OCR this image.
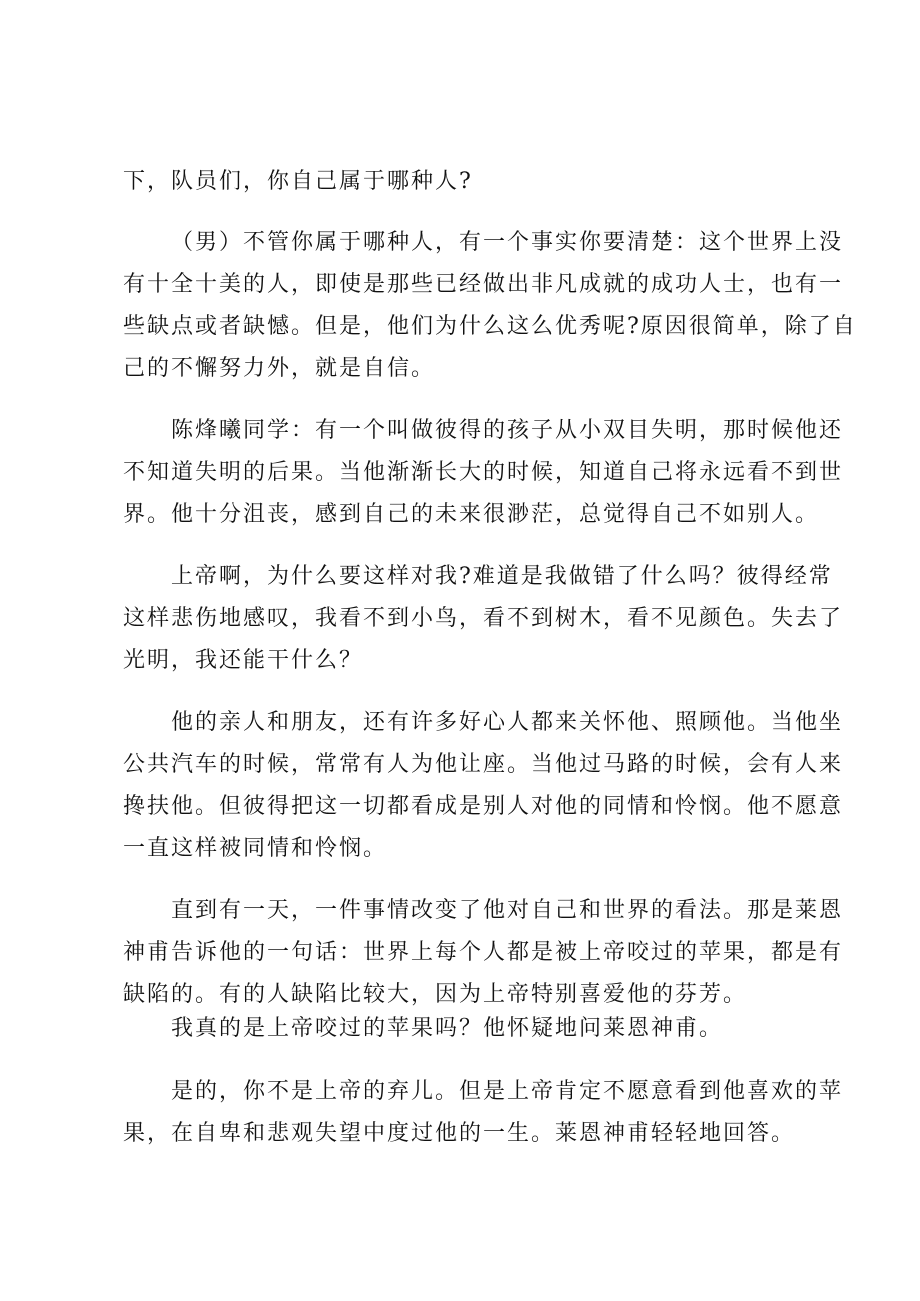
下，队员们，你自己属于哪种人?
（男）不管你属于哪种人，有一个事实你要清楚：这个世界上没
有十全十美的人，即使是那些已经做出非凡成就的成功人士，也有一
些缺点或者缺憾。但是，他们为什么这么优秀呢?原因很简单，除了自
己的不懈努力外，就是自信。
陈烽曦同学：有一个叫做彼得的孩子从小双目失明，那时候他还
不知道失明的后果。当他渐渐长大的时候，知道自己将永远看不到世
界。他十分沮丧，感到自己的未来很渺茫，总觉得自己不如别人。
上帝啊，为什么要这样对我?难道是我做错了什么吗？彼得经常
这样悲伤地感叹，我看不到小鸟，看不到树木，看不见颜色。失去了
光明，我还能干什么？
他的亲人和朋友，还有许多好心人都来关怀他、照顾他。当他坐
公共汽车的时候，常常有人为他让座。当他过马路的时候，会有人来
搀扶他。但彼得把这一切都看成是别人对他的同情和怜悯。他不愿意
一直这样被同情和怜悯。
直到有一天，一件事情改变了他对自己和世界的看法。那是莱恩
神甫告诉他的一句话：世界上每个人都是被上帝咬过的苹果，都是有
缺陷的。有的人缺陷比较大，因为上帝特别喜爱他的芬芳。
我真的是上帝咬过的苹果吗？他怀疑地问莱恩神甫。
是的，你不是上帝的弃儿。但是上帝肯定不愿意看到他喜欢的苹
果，在自卑和悲观失望中度过他的一生。莱恩神甫轻轻地回答。
